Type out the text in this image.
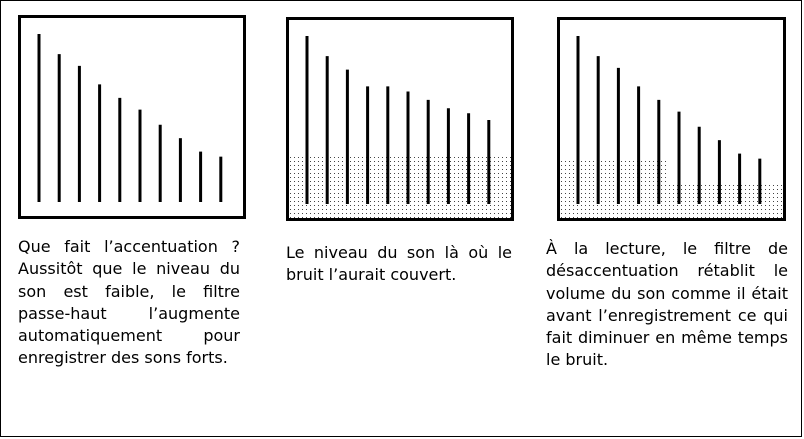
Que fait l’accentuation ? Aussitôt que le niveau du son est faible, le filtre passe-haut l’augmente automatiquement pour enregistrer des sons forts.
Le niveau du son là où le bruit l’aurait couvert.
À la lecture, le filtre de désaccentuation rétablit le volume du son comme il était avant l’enregistrement ce qui fait diminuer en même temps le bruit.
